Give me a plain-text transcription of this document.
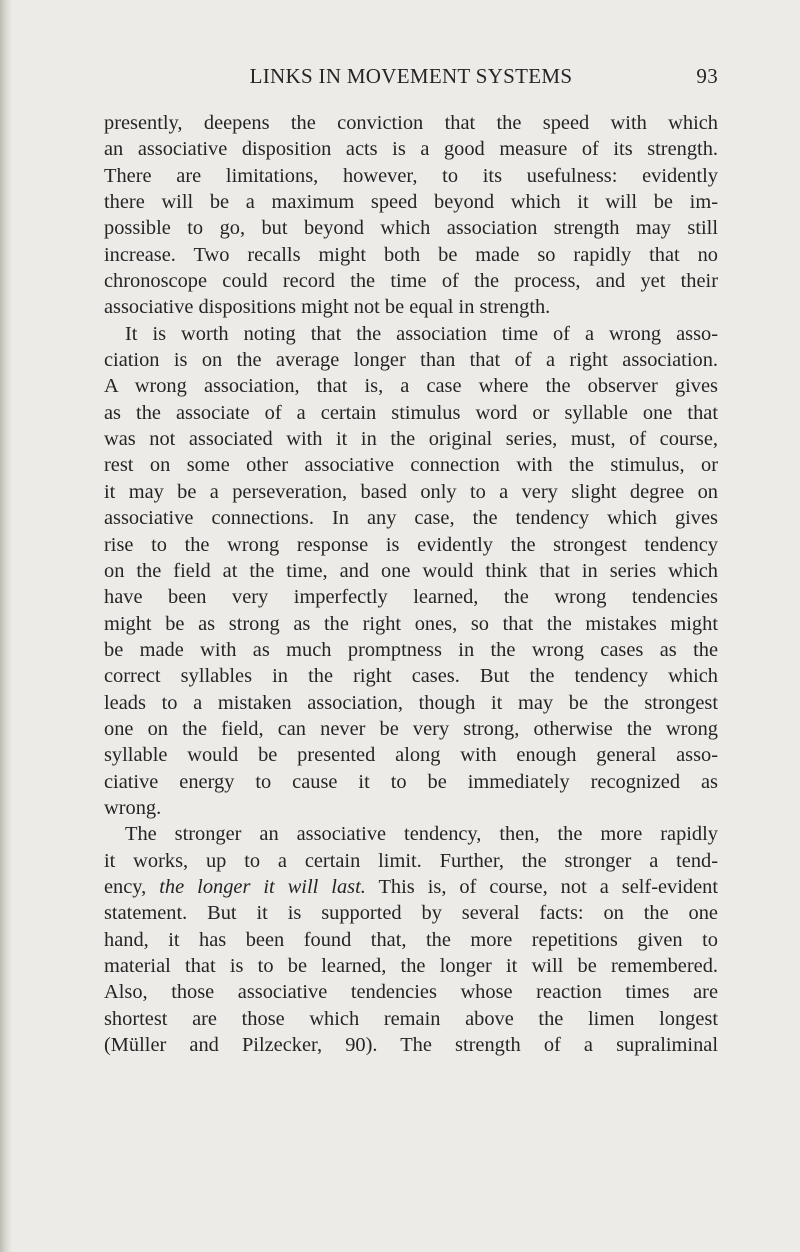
LINKS IN MOVEMENT SYSTEMS	93
presently, deepens the conviction that the speed with which
an associative disposition acts is a good measure of its strength.
There are limitations, however, to its usefulness: evidently
there will be a maximum speed beyond which it will be im-
possible to go, but beyond which association strength may still
increase. Two recalls might both be made so rapidly that no
chronoscope could record the time of the process, and yet their
associative dispositions might not be equal in strength.
It is worth noting that the association time of a wrong asso-
ciation is on the average longer than that of a right association.
A wrong association, that is, a case where the observer gives
as the associate of a certain stimulus word or syllable one that
was not associated with it in the original series, must, of course,
rest on some other associative connection with the stimulus, or
it may be a perseveration, based only to a very slight degree on
associative connections. In any case, the tendency which gives
rise to the wrong response is evidently the strongest tendency
on the field at the time, and one would think that in series which
have been very imperfectly learned, the wrong tendencies
might be as strong as the right ones, so that the mistakes might
be made with as much promptness in the wrong cases as the
correct syllables in the right cases. But the tendency which
leads to a mistaken association, though it may be the strongest
one on the field, can never be very strong, otherwise the wrong
syllable would be presented along with enough general asso-
ciative energy to cause it to be immediately recognized as
wrong.
The stronger an associative tendency, then, the more rapidly
it works, up to a certain limit. Further, the stronger a tend-
ency, the longer it will last. This is, of course, not a self-evident
statement. But it is supported by several facts: on the one
hand, it has been found that, the more repetitions given to
material that is to be learned, the longer it will be remembered.
Also, those associative tendencies whose reaction times are
shortest are those which remain above the limen longest
(Müller and Pilzecker, 90). The strength of a supraliminal
